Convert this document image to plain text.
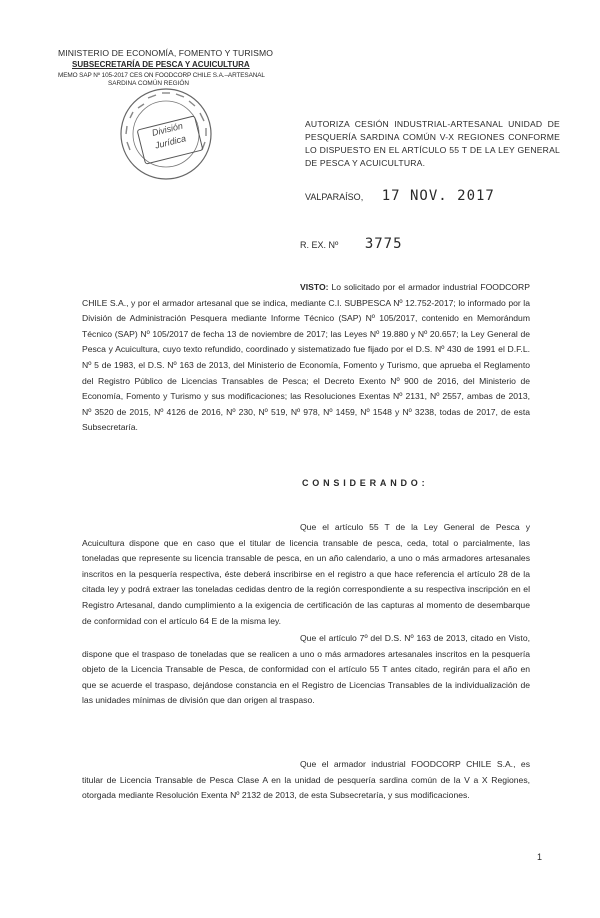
MINISTERIO DE ECONOMÍA, FOMENTO Y TURISMO
SUBSECRETARÍA DE PESCA Y ACUICULTURA
MEMO SAP Nº 105-2017 CES ON FOODCORP CHILE S.A.–ARTESANAL
SARDINA COMÚN REGIÓN
División
Jurídica
AUTORIZA CESIÓN INDUSTRIAL-ARTESANAL UNIDAD DE PESQUERÍA SARDINA COMÚN V-X REGIONES CONFORME LO DISPUESTO EN EL ARTÍCULO 55 T DE LA LEY GENERAL DE PESCA Y ACUICULTURA.
VALPARAÍSO, 17 NOV. 2017
R. EX. Nº 3775
VISTO: Lo solicitado por el armador industrial FOODCORP CHILE S.A., y por el armador artesanal que se indica, mediante C.I. SUBPESCA Nº 12.752-2017; lo informado por la División de Administración Pesquera mediante Informe Técnico (SAP) Nº 105/2017, contenido en Memorándum Técnico (SAP) Nº 105/2017 de fecha 13 de noviembre de 2017; las Leyes Nº 19.880 y Nº 20.657; la Ley General de Pesca y Acuicultura, cuyo texto refundido, coordinado y sistematizado fue fijado por el D.S. Nº 430 de 1991 el D.F.L. Nº 5 de 1983, el D.S. Nº 163 de 2013, del Ministerio de Economía, Fomento y Turismo, que aprueba el Reglamento del Registro Público de Licencias Transables de Pesca; el Decreto Exento Nº 900 de 2016, del Ministerio de Economía, Fomento y Turismo y sus modificaciones; las Resoluciones Exentas Nº 2131, Nº 2557, ambas de 2013, Nº 3520 de 2015, Nº 4126 de 2016, Nº 230, Nº 519, Nº 978, Nº 1459, Nº 1548 y Nº 3238, todas de 2017, de esta Subsecretaría.
CONSIDERANDO:
Que el artículo 55 T de la Ley General de Pesca y Acuicultura dispone que en caso que el titular de licencia transable de pesca, ceda, total o parcialmente, las toneladas que represente su licencia transable de pesca, en un año calendario, a uno o más armadores artesanales inscritos en la pesquería respectiva, éste deberá inscribirse en el registro a que hace referencia el artículo 28 de la citada ley y podrá extraer las toneladas cedidas dentro de la región correspondiente a su respectiva inscripción en el Registro Artesanal, dando cumplimiento a la exigencia de certificación de las capturas al momento de desembarque de conformidad con el artículo 64 E de la misma ley.
Que el artículo 7º del D.S. Nº 163 de 2013, citado en Visto, dispone que el traspaso de toneladas que se realicen a uno o más armadores artesanales inscritos en la pesquería objeto de la Licencia Transable de Pesca, de conformidad con el artículo 55 T antes citado, regirán para el año en que se acuerde el traspaso, dejándose constancia en el Registro de Licencias Transables de la individualización de las unidades mínimas de división que dan origen al traspaso.
Que el armador industrial FOODCORP CHILE S.A., es titular de Licencia Transable de Pesca Clase A en la unidad de pesquería sardina común de la V a X Regiones, otorgada mediante Resolución Exenta Nº 2132 de 2013, de esta Subsecretaría, y sus modificaciones.
1
